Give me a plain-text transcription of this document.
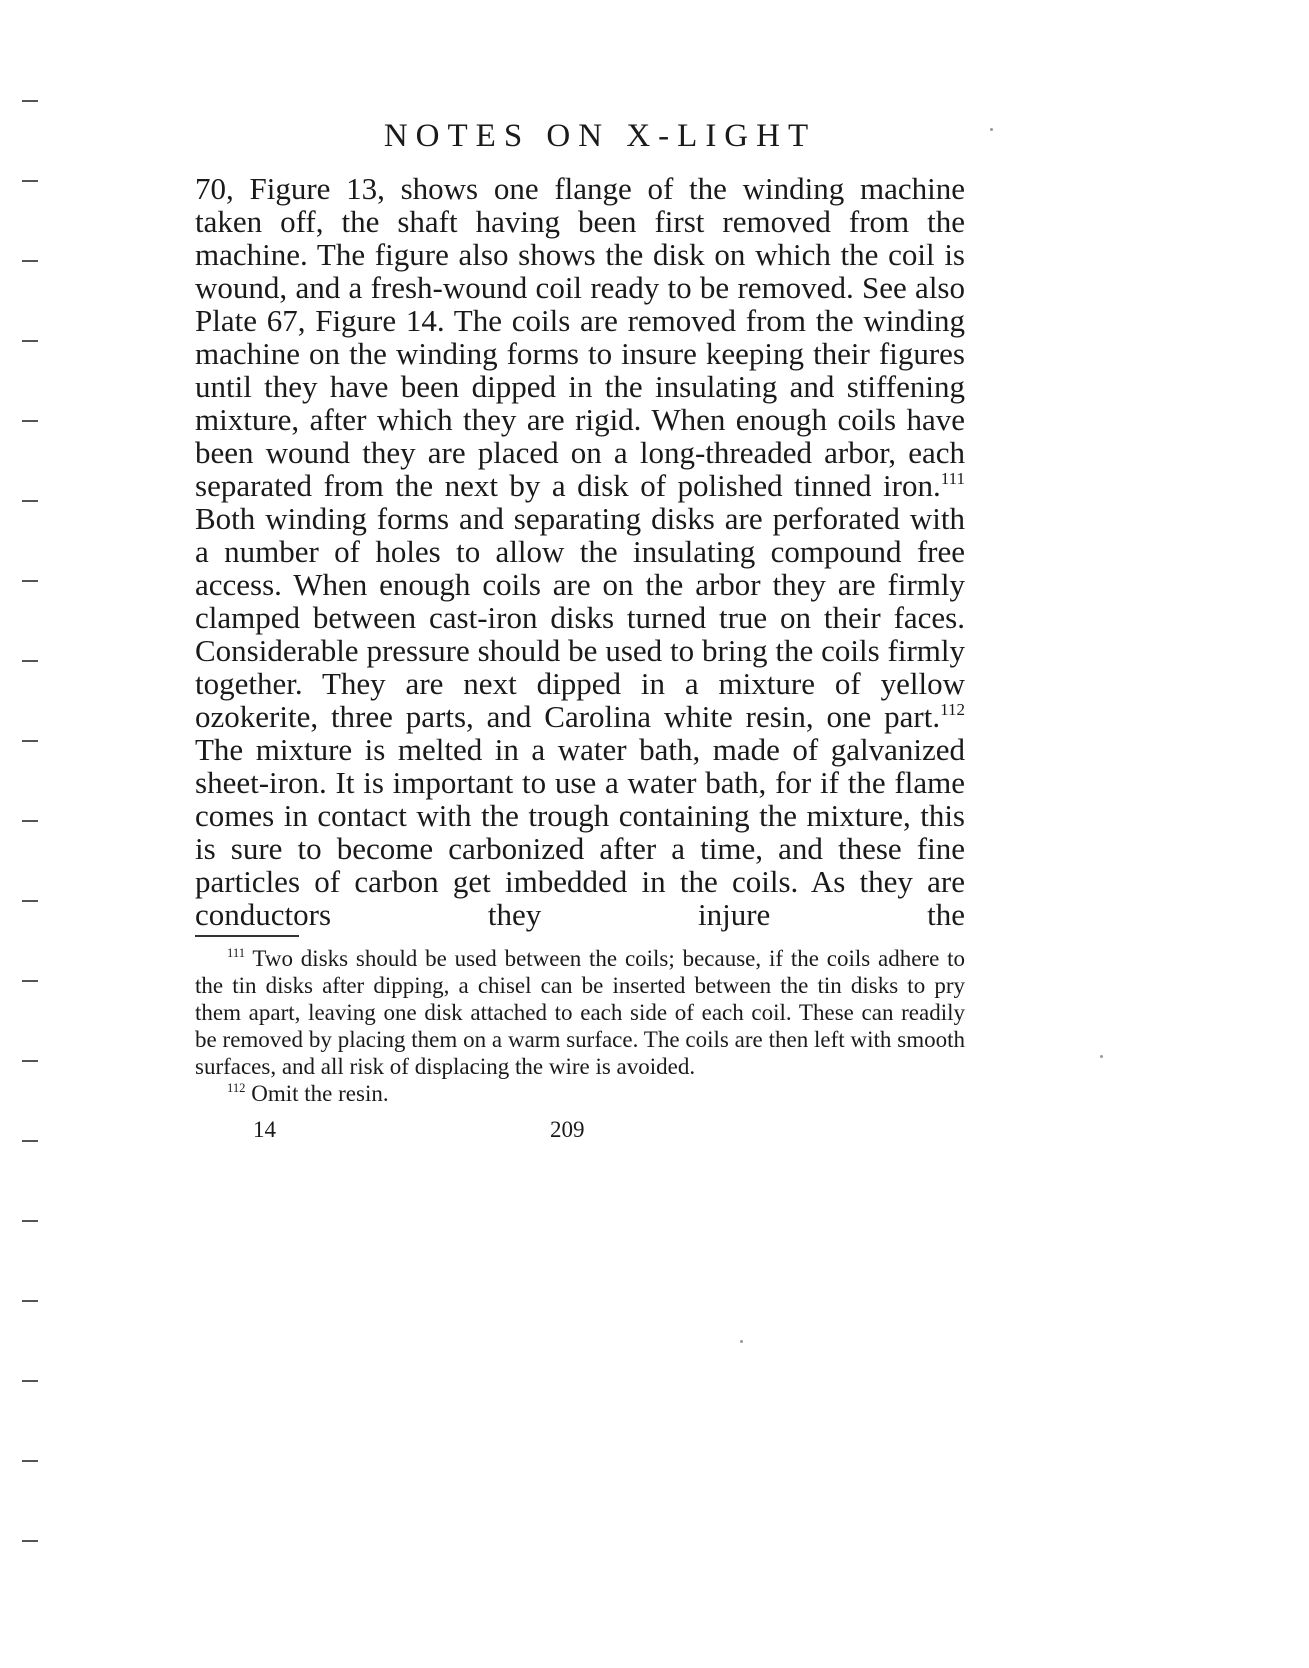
NOTES ON X-LIGHT

70, Figure 13, shows one flange of the winding machine taken off, the shaft having been first removed from the machine. The figure also shows the disk on which the coil is wound, and a fresh-wound coil ready to be removed. See also Plate 67, Figure 14. The coils are removed from the winding machine on the winding forms to insure keeping their figures until they have been dipped in the insulating and stiffening mixture, after which they are rigid. When enough coils have been wound they are placed on a long-threaded arbor, each separated from the next by a disk of polished tinned iron.$^{111}$ Both winding forms and separating disks are perforated with a number of holes to allow the insulating compound free access. When enough coils are on the arbor they are firmly clamped between cast-iron disks turned true on their faces. Considerable pressure should be used to bring the coils firmly together. They are next dipped in a mixture of yellow ozokerite, three parts, and Carolina white resin, one part.$^{112}$ The mixture is melted in a water bath, made of galvanized sheet-iron. It is important to use a water bath, for if the flame comes in contact with the trough containing the mixture, this is sure to become carbonized after a time, and these fine particles of carbon get imbedded in the coils. As they are conductors they injure the

$^{111}$ Two disks should be used between the coils; because, if the coils adhere to the tin disks after dipping, a chisel can be inserted between the tin disks to pry them apart, leaving one disk attached to each side of each coil. These can readily be removed by placing them on a warm surface. The coils are then left with smooth surfaces, and all risk of displacing the wire is avoided.

$^{112}$ Omit the resin.

14	209
